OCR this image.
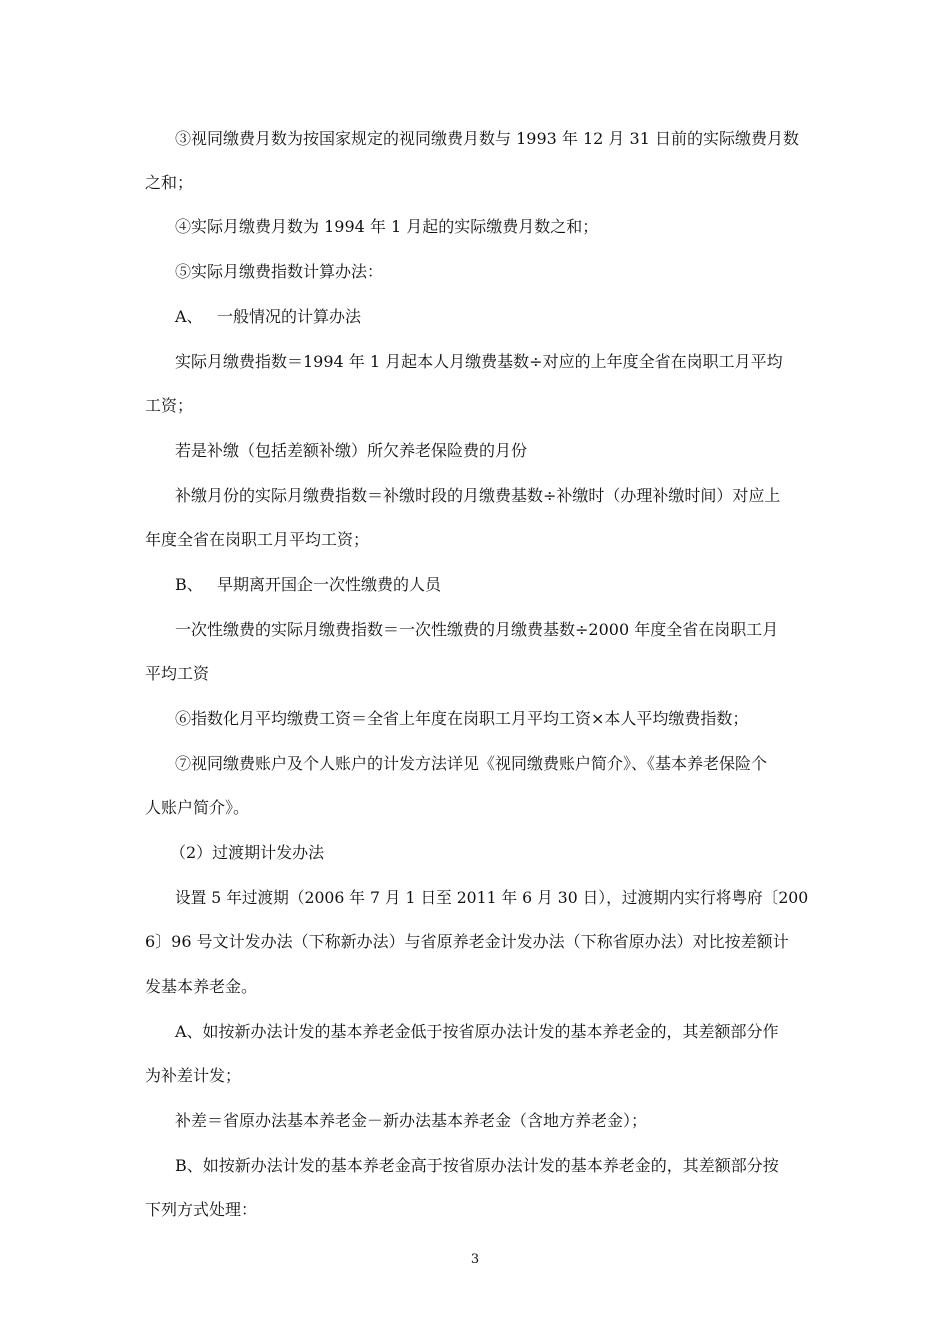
③视同缴费月数为按国家规定的视同缴费月数与 1993 年 12 月 31 日前的实际缴费月数
之和；
④实际月缴费月数为 1994 年 1 月起的实际缴费月数之和；
⑤实际月缴费指数计算办法：
A、 一般情况的计算办法
实际月缴费指数＝1994 年 1 月起本人月缴费基数÷对应的上年度全省在岗职工月平均
工资；
若是补缴（包括差额补缴）所欠养老保险费的月份
补缴月份的实际月缴费指数＝补缴时段的月缴费基数÷补缴时（办理补缴时间）对应上
年度全省在岗职工月平均工资；
B、 早期离开国企一次性缴费的人员
一次性缴费的实际月缴费指数＝一次性缴费的月缴费基数÷2000 年度全省在岗职工月
平均工资
⑥指数化月平均缴费工资＝全省上年度在岗职工月平均工资×本人平均缴费指数；
⑦视同缴费账户及个人账户的计发方法详见《视同缴费账户简介》、《基本养老保险个
人账户简介》。
（2）过渡期计发办法
设置 5 年过渡期（2006 年 7 月 1 日至 2011 年 6 月 30 日），过渡期内实行将粤府〔200
6〕96 号文计发办法（下称新办法）与省原养老金计发办法（下称省原办法）对比按差额计
发基本养老金。
A、如按新办法计发的基本养老金低于按省原办法计发的基本养老金的，其差额部分作
为补差计发；
补差＝省原办法基本养老金－新办法基本养老金（含地方养老金）；
B、如按新办法计发的基本养老金高于按省原办法计发的基本养老金的，其差额部分按
下列方式处理：
3
